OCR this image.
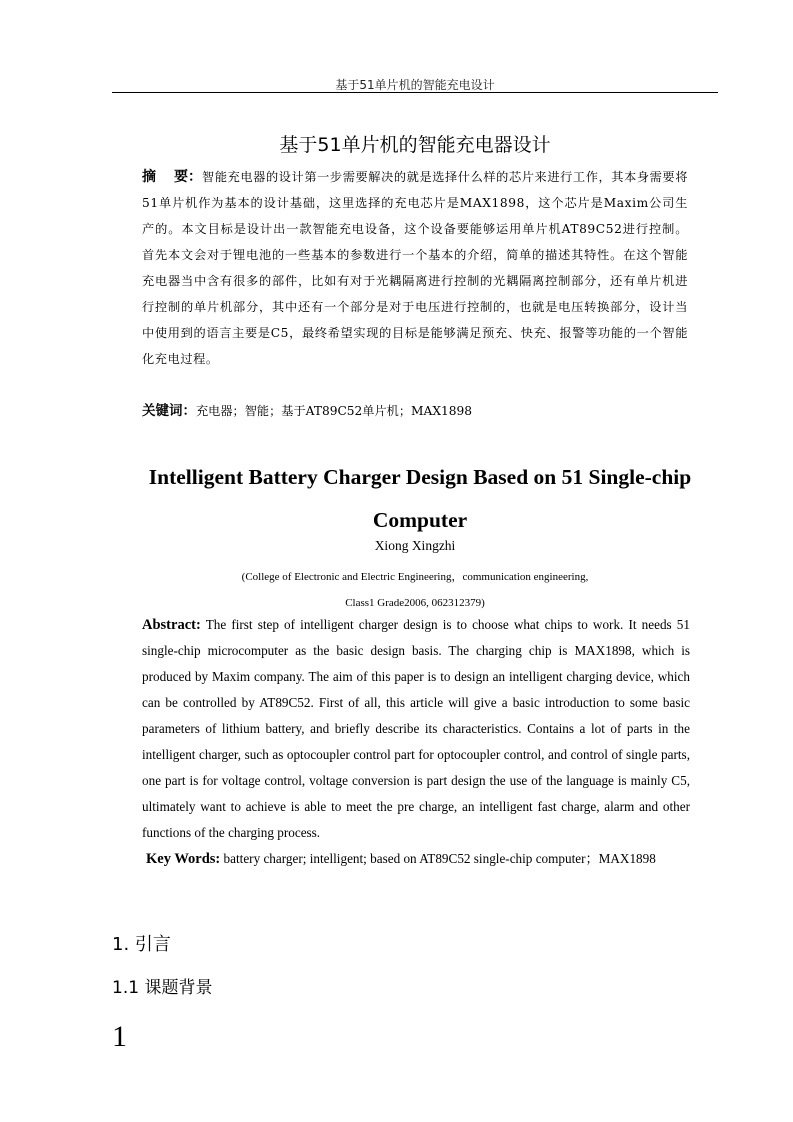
基于51单片机的智能充电设计
基于51单片机的智能充电器设计
摘 要：智能充电器的设计第一步需要解决的就是选择什么样的芯片来进行工作，其本身需要将51单片机作为基本的设计基础，这里选择的充电芯片是MAX1898，这个芯片是Maxim公司生产的。本文目标是设计出一款智能充电设备，这个设备要能够运用单片机AT89C52进行控制。首先本文会对于锂电池的一些基本的参数进行一个基本的介绍，简单的描述其特性。在这个智能充电器当中含有很多的部件，比如有对于光耦隔离进行控制的光耦隔离控制部分，还有单片机进行控制的单片机部分，其中还有一个部分是对于电压进行控制的，也就是电压转换部分，设计当中使用到的语言主要是C5，最终希望实现的目标是能够满足预充、快充、报警等功能的一个智能化充电过程。
关键词：充电器；智能；基于AT89C52单片机；MAX1898
Intelligent Battery Charger Design Based on 51 Single-chip Computer
Xiong Xingzhi
(College of Electronic and Electric Engineering，communication engineering,
Class1 Grade2006, 062312379)
Abstract: The first step of intelligent charger design is to choose what chips to work. It needs 51 single-chip microcomputer as the basic design basis. The charging chip is MAX1898, which is produced by Maxim company. The aim of this paper is to design an intelligent charging device, which can be controlled by AT89C52. First of all, this article will give a basic introduction to some basic parameters of lithium battery, and briefly describe its characteristics. Contains a lot of parts in the intelligent charger, such as optocoupler control part for optocoupler control, and control of single parts, one part is for voltage control, voltage conversion is part design the use of the language is mainly C5, ultimately want to achieve is able to meet the pre charge, an intelligent fast charge, alarm and other functions of the charging process.
Key Words: battery charger; intelligent; based on AT89C52 single-chip computer；MAX1898
1. 引言
1.1 课题背景
1
